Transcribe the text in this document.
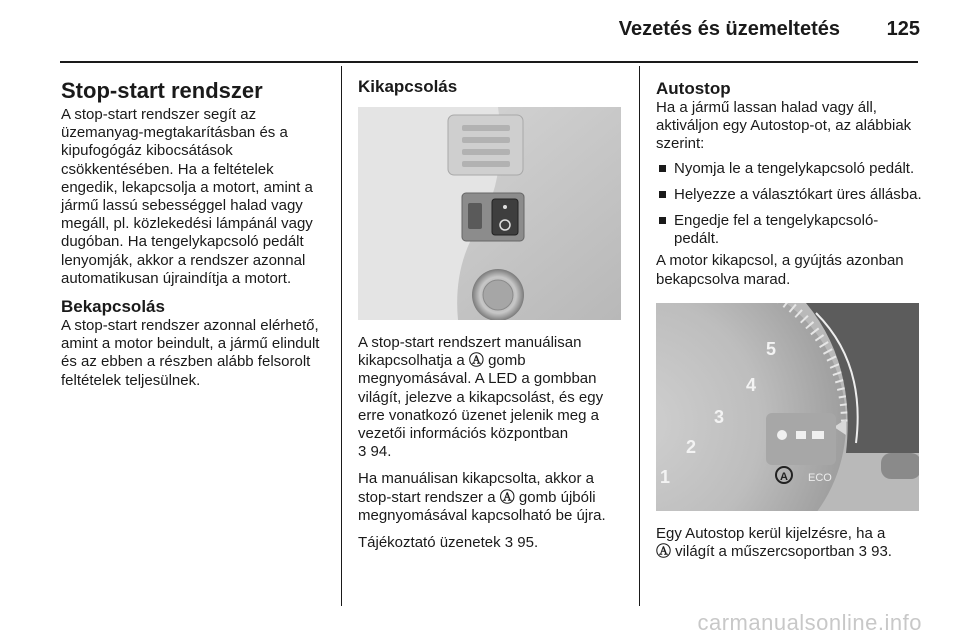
Vezetés és üzemeltetés 125
Stop-start rendszer

A stop-start rendszer segít az üzemanyag-megtakarításban és a kipufogógáz kibocsátások csökkentésében. Ha a feltételek engedik, lekapcsolja a motort, amint a jármű lassú sebességgel halad vagy megáll, pl. közlekedési lámpánál vagy dugóban. Ha tengelykapcsoló pedált lenyomják, akkor a rendszer azonnal automatikusan újraindítja a motort.

Bekapcsolás

A stop-start rendszer azonnal elérhető, amint a motor beindult, a jármű elindult és az ebben a részben alább felsorolt feltételek teljesülnek.

Kikapcsolás

A stop-start rendszert manuálisan kikapcsolhatja a Ⓐ gomb megnyomásával. A LED a gombban világít, jelezve a kikapcsolást, és egy erre vonatkozó üzenet jelenik meg a vezetői információs központban
3 94.

Ha manuálisan kikapcsolta, akkor a stop-start rendszer a Ⓐ gomb újbóli megnyomásával kapcsolható be újra.

Tájékoztató üzenetek 3 95.

Autostop

Ha a jármű lassan halad vagy áll, aktiváljon egy Autostop-ot, az alábbiak szerint:

Nyomja le a tengelykapcsoló pedált.
Helyezze a választókart üres állásba.
Engedje fel a tengelykapcsoló-pedált.

A motor kikapcsol, a gyújtás azonban bekapcsolva marad.

5
4
3
2
1	A ECO

Egy Autostop kerül kijelzésre, ha a
Ⓐ világít a műszercsoportban 3 93.

carmanualsonline.info
